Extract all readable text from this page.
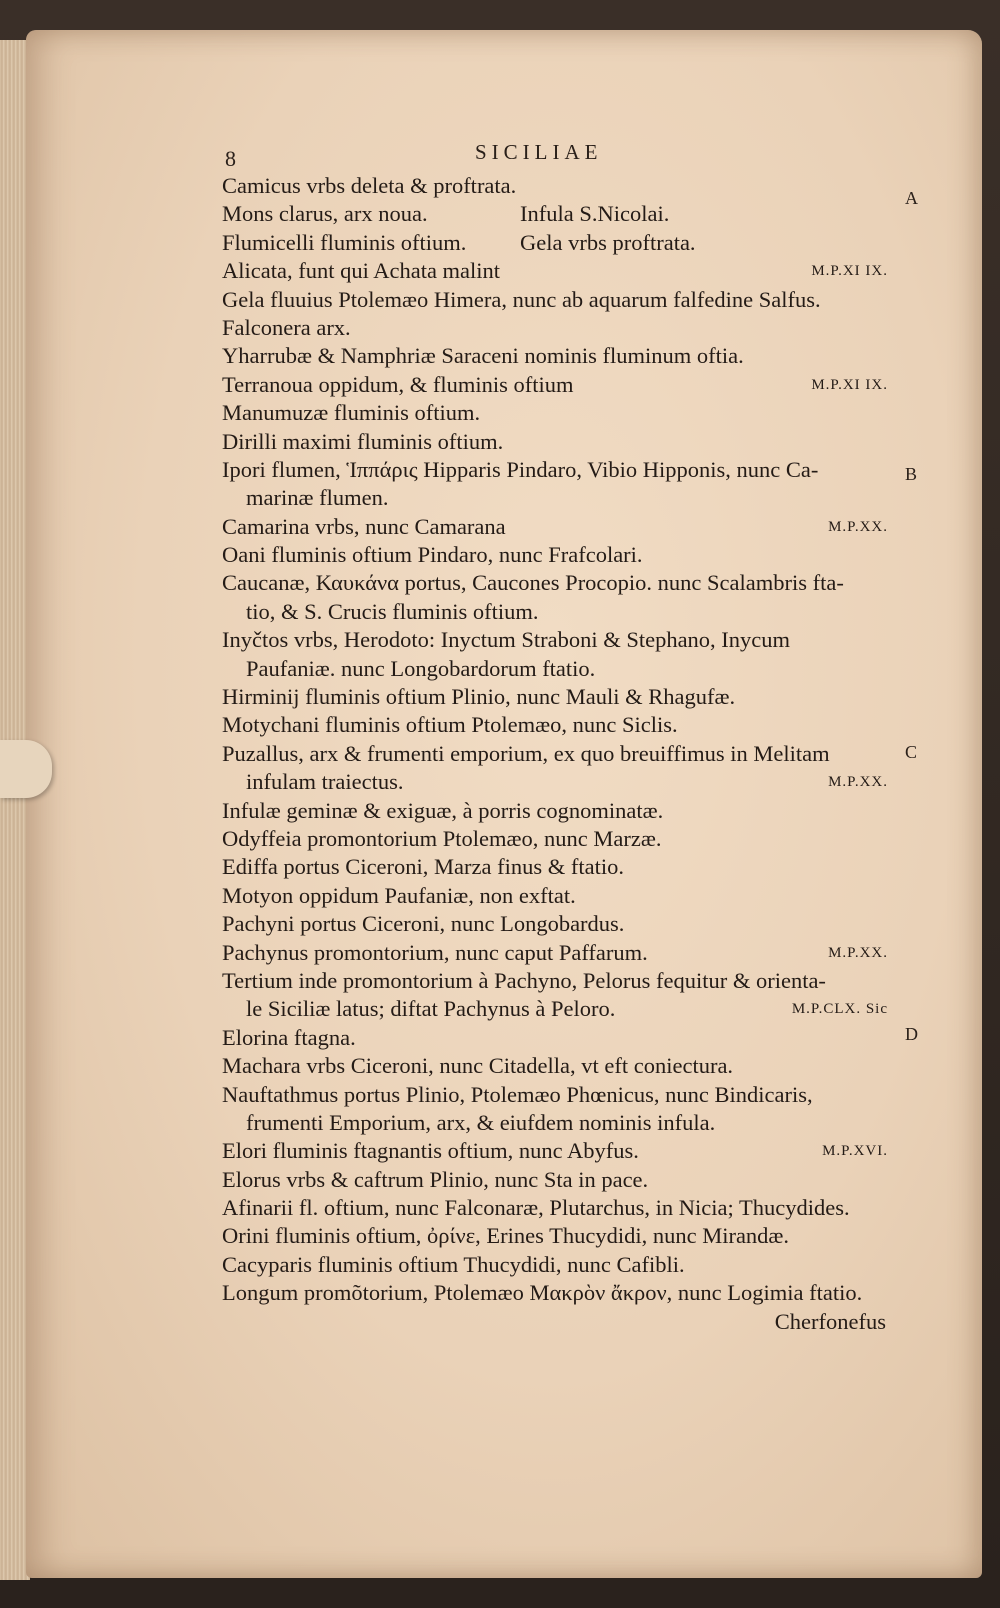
8	SICILIAE
A
B
C
D
Camicus vrbs deleta & proftrata.
Mons clarus, arx noua.	Infula S.Nicolai.
Flumicelli fluminis oftium. Gela vrbs proftrata.
Alicata, funt qui Achata malint	M.P.XI IX.
Gela fluuius Ptolemæo Himera, nunc ab aquarum falfedine Salfus.
Falconera arx.
Yharrubæ & Namphriæ Saraceni nominis fluminum oftia.
Terranoua oppidum, & fluminis oftium	M.P.XI IX.
Manumuzæ fluminis oftium.
Dirilli maximi fluminis oftium.
Ipori flumen, Ἱππάρις Hipparis Pindaro, Vibio Hipponis, nunc Ca-
marinæ flumen.
Camarina vrbs, nunc Camarana	M.P.XX.
Oani fluminis oftium Pindaro, nunc Frafcolari.
Caucanæ, Καυκάνα portus, Caucones Procopio. nunc Scalambris fta-
tio, & S. Crucis fluminis oftium.
Inyčtos vrbs, Herodoto: Inyctum Straboni & Stephano, Inycum
Paufaniæ. nunc Longobardorum ftatio.
Hirminij fluminis oftium Plinio, nunc Mauli & Rhagufæ.
Motychani fluminis oftium Ptolemæo, nunc Siclis.
Puzallus, arx & frumenti emporium, ex quo breuiffimus in Melitam
infulam traiectus.	M.P.XX.
Infulæ geminæ & exiguæ, à porris cognominatæ.
Odyffeia promontorium Ptolemæo, nunc Marzæ.
Ediffa portus Ciceroni, Marza finus & ftatio.
Motyon oppidum Paufaniæ, non exftat.
Pachyni portus Ciceroni, nunc Longobardus.
Pachynus promontorium, nunc caput Paffarum.	M.P.XX.
Tertium inde promontorium à Pachyno, Pelorus fequitur & orienta-
le Siciliæ latus; diftat Pachynus à Peloro.	M.P.CLX. Sic
Elorina ftagna.
Machara vrbs Ciceroni, nunc Citadella, vt eft coniectura.
Nauftathmus portus Plinio, Ptolemæo Phœnicus, nunc Bindicaris,
frumenti Emporium, arx, & eiufdem nominis infula.
Elori fluminis ftagnantis oftium, nunc Abyfus.	M.P.XVI.
Elorus vrbs & caftrum Plinio, nunc Sta in pace.
Afinarii fl. oftium, nunc Falconaræ, Plutarchus, in Nicia; Thucydides.
Orini fluminis oftium, ὀρίνε, Erines Thucydidi, nunc Mirandæ.
Cacyparis fluminis oftium Thucydidi, nunc Cafibli.
Longum promõtorium, Ptolemæo Μακρὸν ἄκρον, nunc Logimia ftatio.
Cherfonefus
